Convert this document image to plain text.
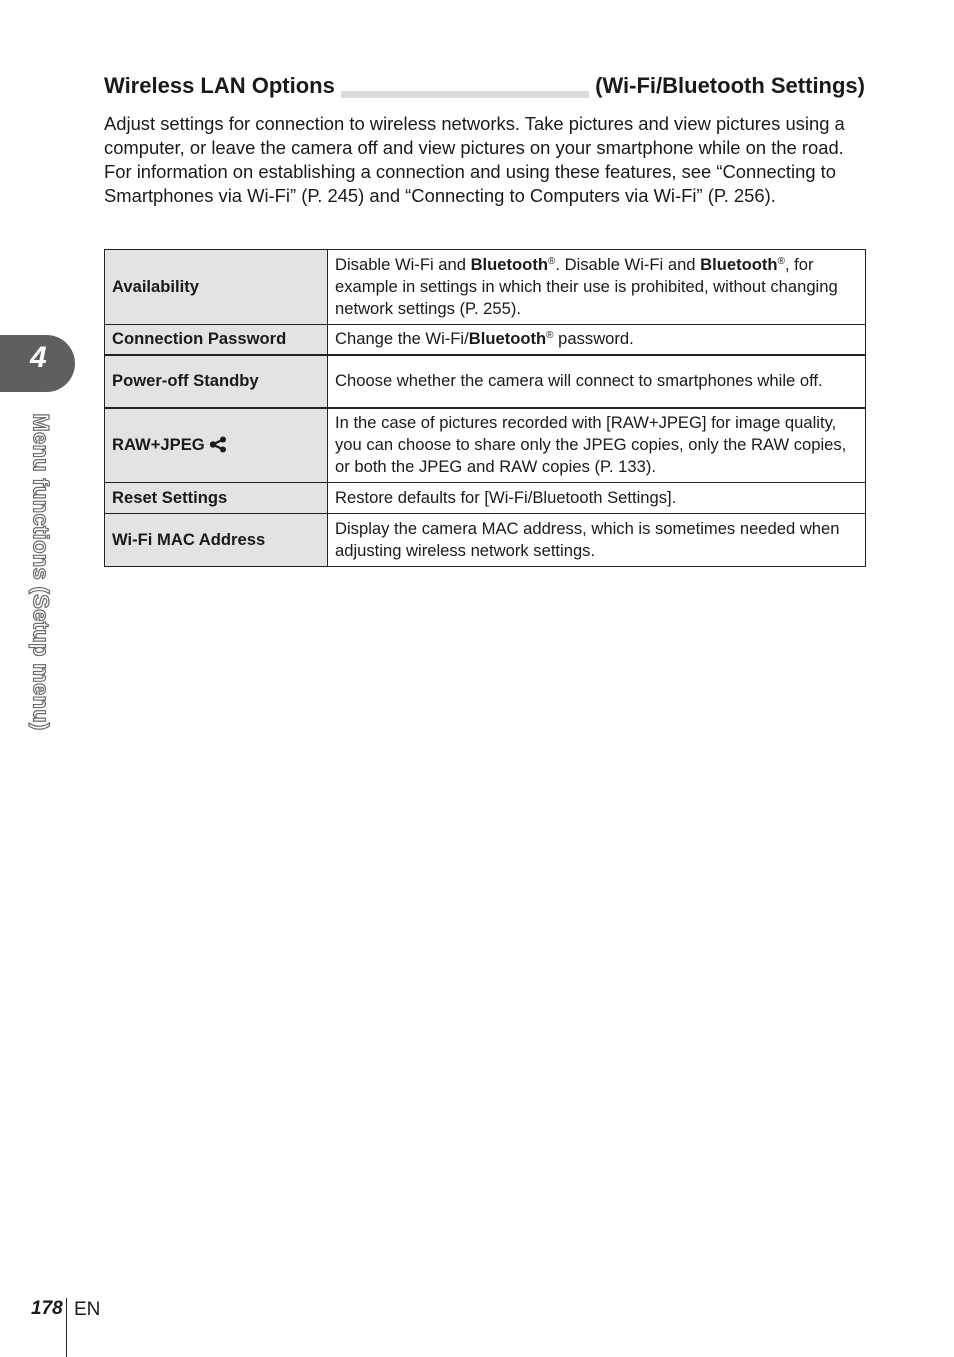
Wireless LAN Options	(Wi-Fi/Bluetooth Settings)

Adjust settings for connection to wireless networks. Take pictures and view pictures using a computer, or leave the camera off and view pictures on your smartphone while on the road. For information on establishing a connection and using these features, see “Connecting to Smartphones via Wi-Fi” (P. 245) and “Connecting to Computers via Wi-Fi” (P. 256).

Availability	Disable Wi-Fi and Bluetooth®. Disable Wi-Fi and Bluetooth®, for example in settings in which their use is prohibited, without changing network settings (P. 255).
Connection Password	Change the Wi-Fi/Bluetooth® password.
Power-off Standby	Choose whether the camera will connect to smartphones while off.
RAW+JPEG	In the case of pictures recorded with [RAW+JPEG] for image quality, you can choose to share only the JPEG copies, only the RAW copies, or both the JPEG and RAW copies (P. 133).
Reset Settings	Restore defaults for [Wi-Fi/Bluetooth Settings].
Wi-Fi MAC Address	Display the camera MAC address, which is sometimes needed when adjusting wireless network settings.
4
Menu functions (Setup menu)
178 EN
